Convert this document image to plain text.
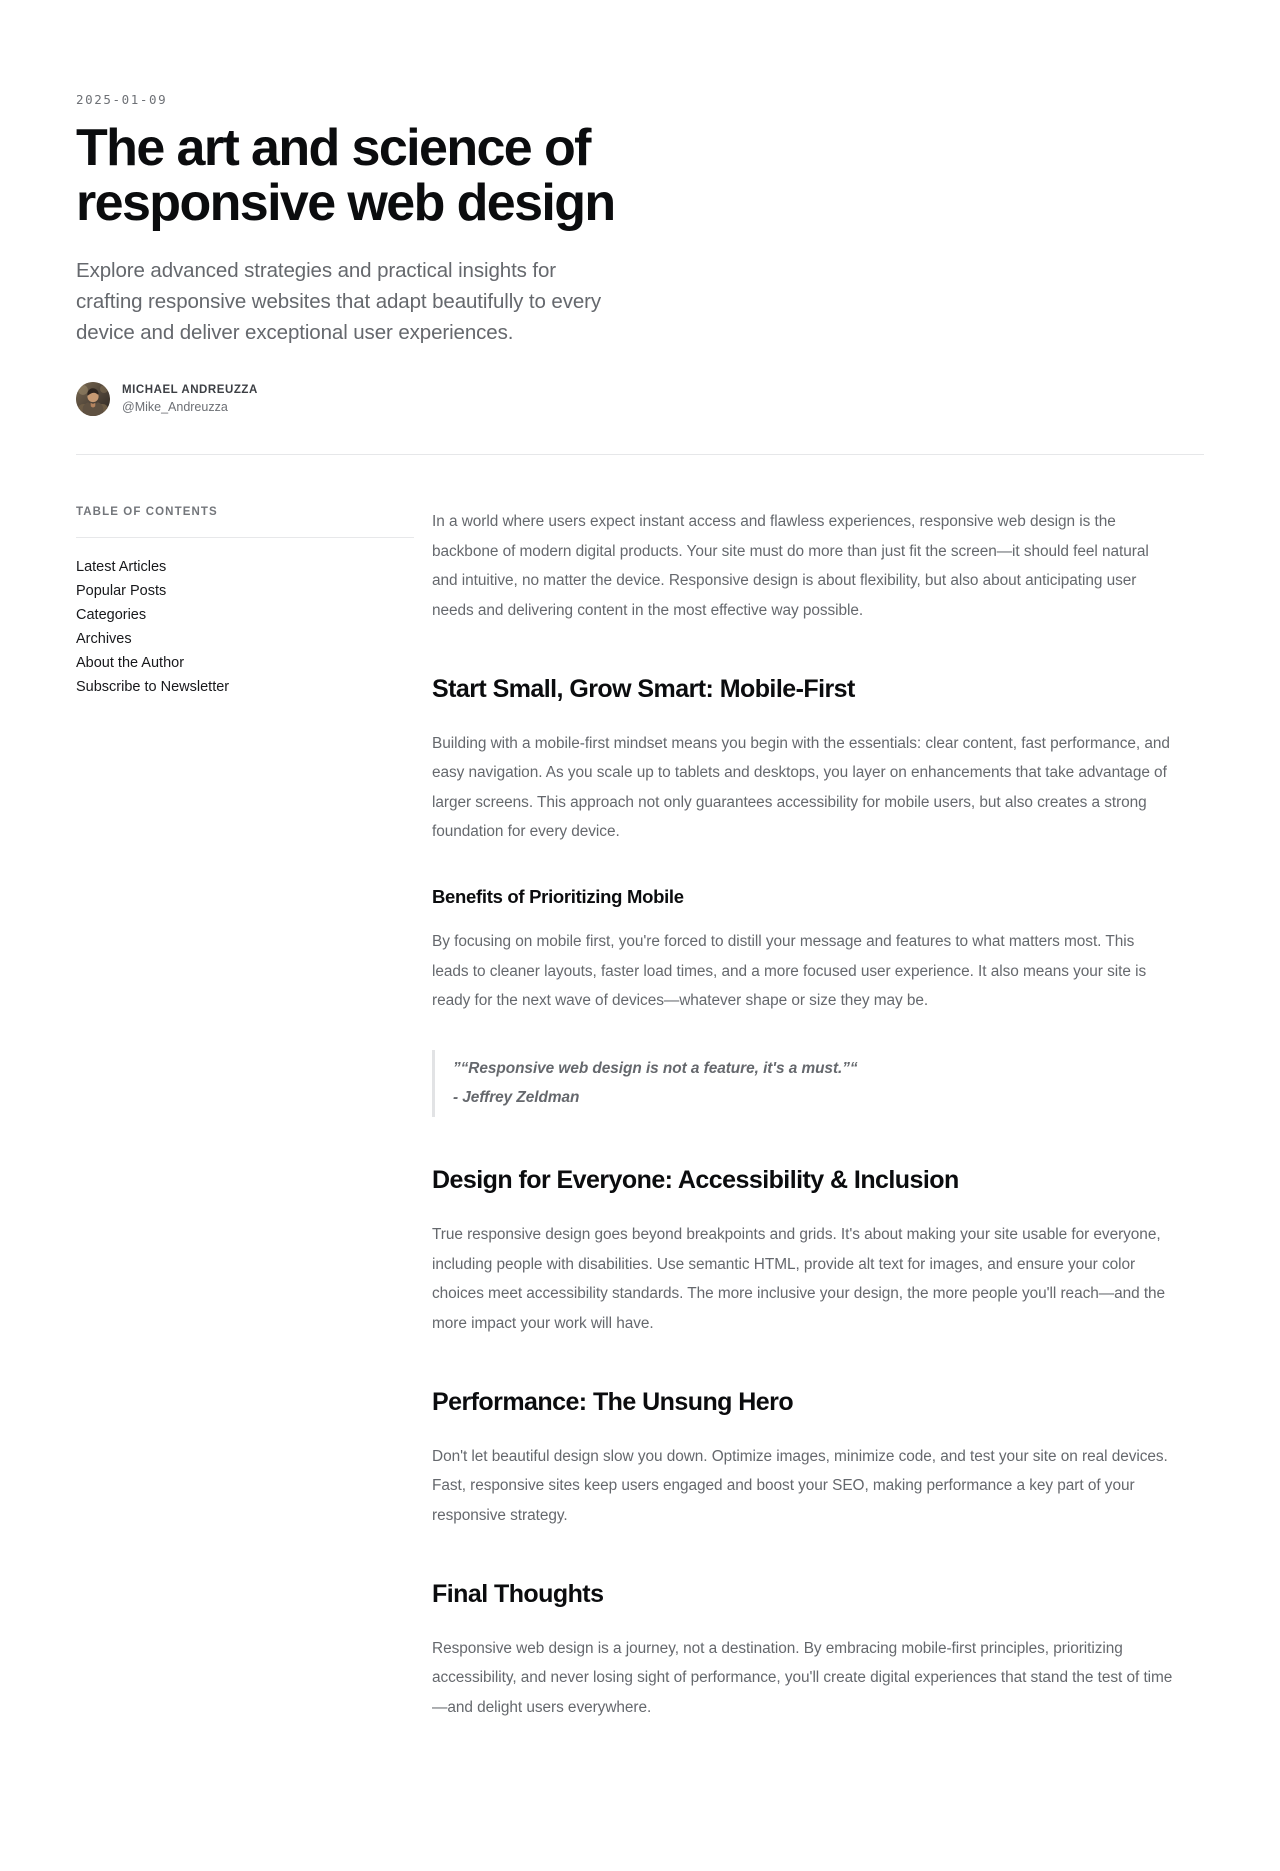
2025-01-09
The art and science of responsive web design

Explore advanced strategies and practical insights for crafting responsive websites that adapt beautifully to every device and deliver exceptional user experiences.

MICHAEL ANDREUZZA
@Mike_Andreuzza
TABLE OF CONTENTS
Latest Articles
Popular Posts
Categories
Archives
About the Author
Subscribe to Newsletter

In a world where users expect instant access and flawless experiences, responsive web design is the backbone of modern digital products. Your site must do more than just fit the screen—it should feel natural and intuitive, no matter the device. Responsive design is about flexibility, but also about anticipating user needs and delivering content in the most effective way possible.

Start Small, Grow Smart: Mobile‑First

Building with a mobile‑first mindset means you begin with the essentials: clear content, fast performance, and easy navigation. As you scale up to tablets and desktops, you layer on enhancements that take advantage of larger screens. This approach not only guarantees accessibility for mobile users, but also creates a strong foundation for every device.

Benefits of Prioritizing Mobile

By focusing on mobile first, you're forced to distill your message and features to what matters most. This leads to cleaner layouts, faster load times, and a more focused user experience. It also means your site is ready for the next wave of devices—whatever shape or size they may be.

”“Responsive web design is not a feature, it's a must.”“

- Jeffrey Zeldman

Design for Everyone: Accessibility & Inclusion

True responsive design goes beyond breakpoints and grids. It's about making your site usable for everyone, including people with disabilities. Use semantic HTML, provide alt text for images, and ensure your color choices meet accessibility standards. The more inclusive your design, the more people you'll reach—and the more impact your work will have.

Performance: The Unsung Hero

Don't let beautiful design slow you down. Optimize images, minimize code, and test your site on real devices. Fast, responsive sites keep users engaged and boost your SEO, making performance a key part of your responsive strategy.

Final Thoughts

Responsive web design is a journey, not a destination. By embracing mobile‑first principles, prioritizing accessibility, and never losing sight of performance, you'll create digital experiences that stand the test of time—and delight users everywhere.
